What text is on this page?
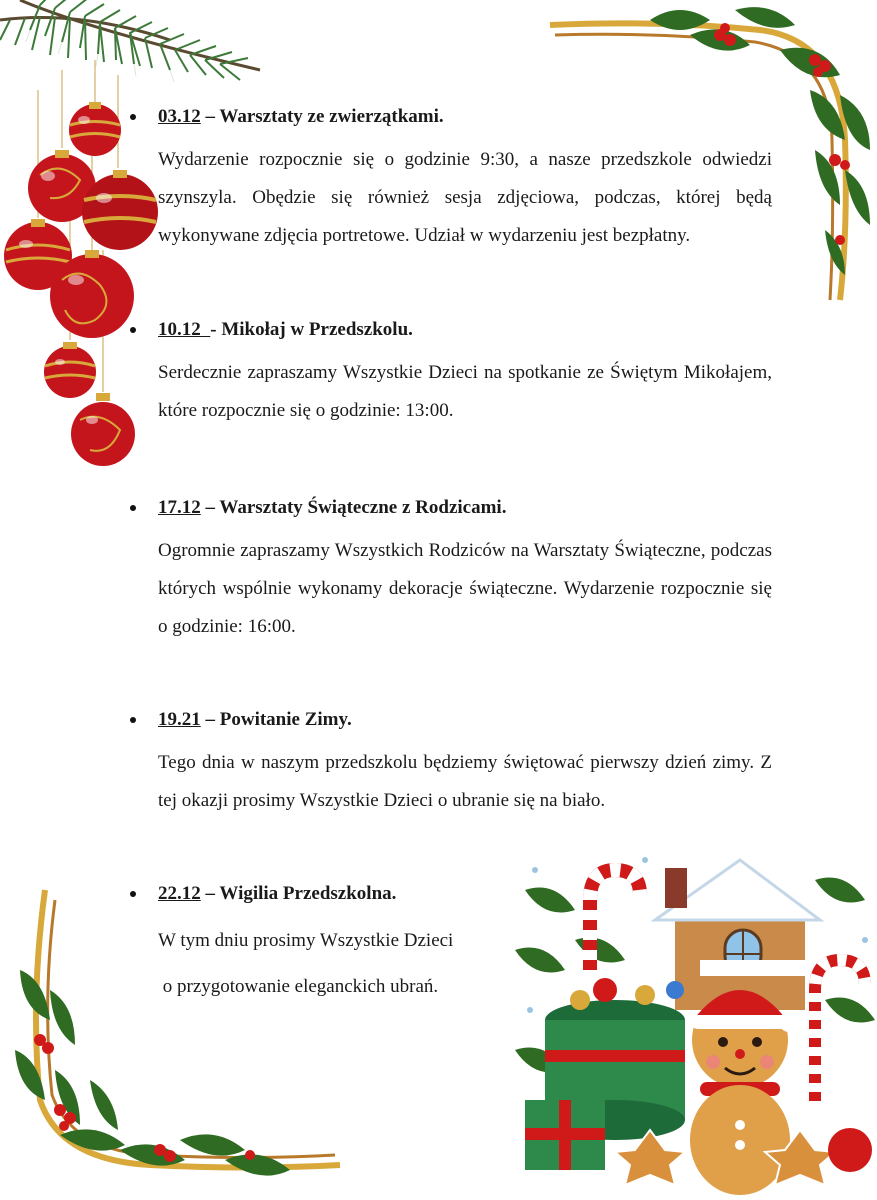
03.12 – Warsztaty ze zwierzątkami.
Wydarzenie rozpocznie się o godzinie 9:30, a nasze przedszkole odwiedzi szynszyla. Obędzie się również sesja zdjęciowa, podczas, której będą wykonywane zdjęcia portretowe. Udział w wydarzeniu jest bezpłatny.
10.12  - Mikołaj w Przedszkolu.
Serdecznie zapraszamy Wszystkie Dzieci na spotkanie ze Świętym Mikołajem, które rozpocznie się o godzinie: 13:00.
17.12 – Warsztaty Świąteczne z Rodzicami.
Ogromnie zapraszamy Wszystkich Rodziców na Warsztaty Świąteczne, podczas których wspólnie wykonamy dekoracje świąteczne. Wydarzenie rozpocznie się o godzinie: 16:00.
19.21 – Powitanie Zimy.
Tego dnia w naszym przedszkolu będziemy świętować pierwszy dzień zimy. Z tej okazji prosimy Wszystkie Dzieci o ubranie się na biało.
22.12 – Wigilia Przedszkolna.
W tym dniu prosimy Wszystkie Dzieci
o przygotowanie eleganckich ubrań.
